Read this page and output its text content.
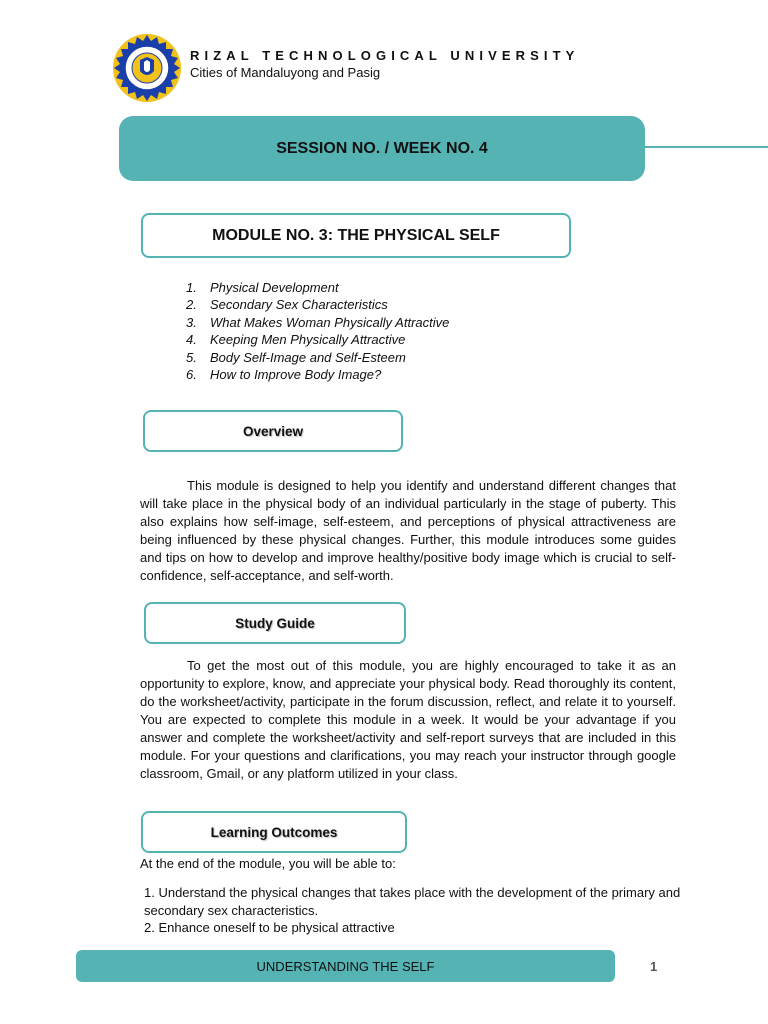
RIZAL TECHNOLOGICAL UNIVERSITY
Cities of Mandaluyong and Pasig
SESSION NO. / WEEK NO. 4
MODULE NO. 3: THE PHYSICAL SELF
1. Physical Development
2. Secondary Sex Characteristics
3. What Makes Woman Physically Attractive
4. Keeping Men Physically Attractive
5. Body Self-Image and Self-Esteem
6. How to Improve Body Image?
Overview

This module is designed to help you identify and understand different changes that will take place in the physical body of an individual particularly in the stage of puberty. This also explains how self-image, self-esteem, and perceptions of physical attractiveness are being influenced by these physical changes. Further, this module introduces some guides and tips on how to develop and improve healthy/positive body image which is crucial to self-confidence, self-acceptance, and self-worth.

Study Guide

To get the most out of this module, you are highly encouraged to take it as an opportunity to explore, know, and appreciate your physical body. Read thoroughly its content, do the worksheet/activity, participate in the forum discussion, reflect, and relate it to yourself. You are expected to complete this module in a week. It would be your advantage if you answer and complete the worksheet/activity and self-report surveys that are included in this module. For your questions and clarifications, you may reach your instructor through google classroom, Gmail, or any platform utilized in your class.

Learning Outcomes
At the end of the module, you will be able to:
1. Understand the physical changes that takes place with the development of the primary and secondary sex characteristics.
2. Enhance oneself to be physical attractive
UNDERSTANDING THE SELF	1
